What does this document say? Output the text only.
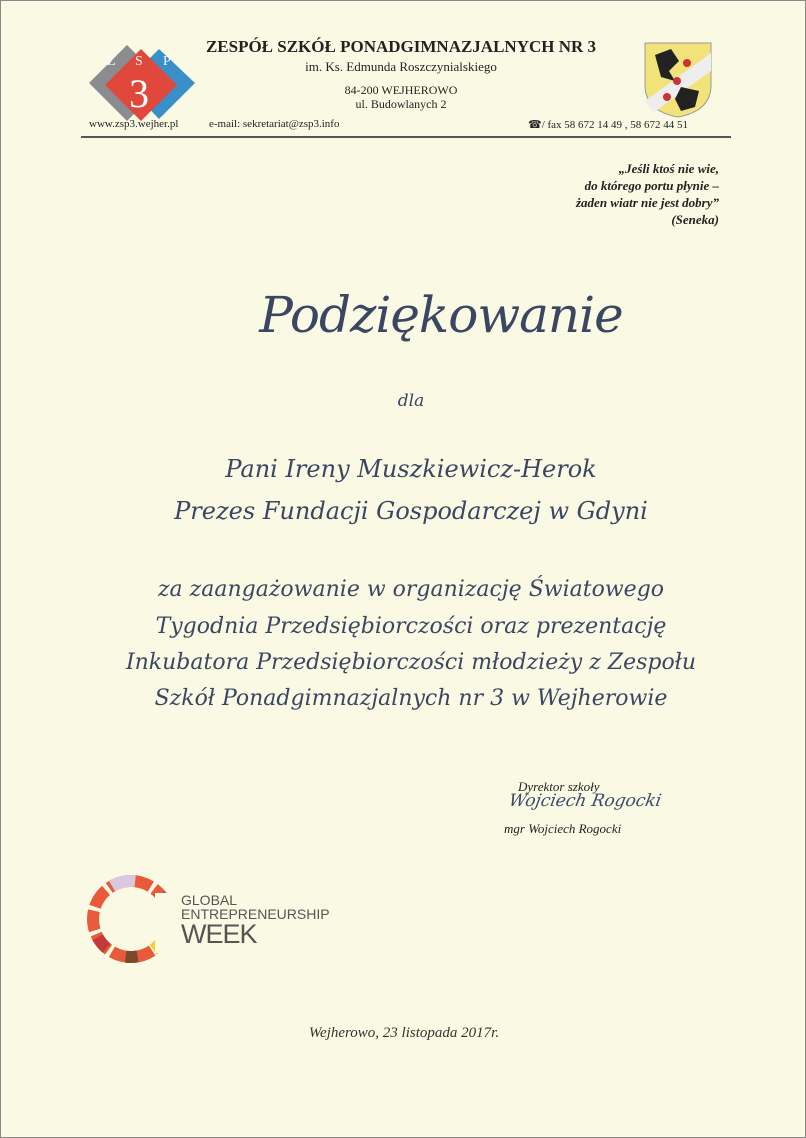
Z S P
3
ZESPÓŁ SZKÓŁ PONADGIMNAZJALNYCH NR 3
im. Ks. Edmunda Roszczynialskiego
84-200 WEJHEROWO
ul. Budowlanych 2
www.zsp3.wejher.pl	e-mail: sekretariat@zsp3.info	☎/ fax 58 672 14 49 , 58 672 44 51
„Jeśli ktoś nie wie,
do którego portu płynie –
żaden wiatr nie jest dobry”
(Seneka)
Podziękowanie
dla
Pani Ireny Muszkiewicz-Herok
Prezes Fundacji Gospodarczej w Gdyni
za zaangażowanie w organizację Światowego
Tygodnia Przedsiębiorczości oraz prezentację
Inkubatora Przedsiębiorczości młodzieży z Zespołu
Szkół Ponadgimnazjalnych nr 3 w Wejherowie
Dyrektor szkoły
Wojciech Rogocki
mgr Wojciech Rogocki
GLOBAL
ENTREPRENEURSHIP
WEEK
Wejherowo, 23 listopada 2017r.
